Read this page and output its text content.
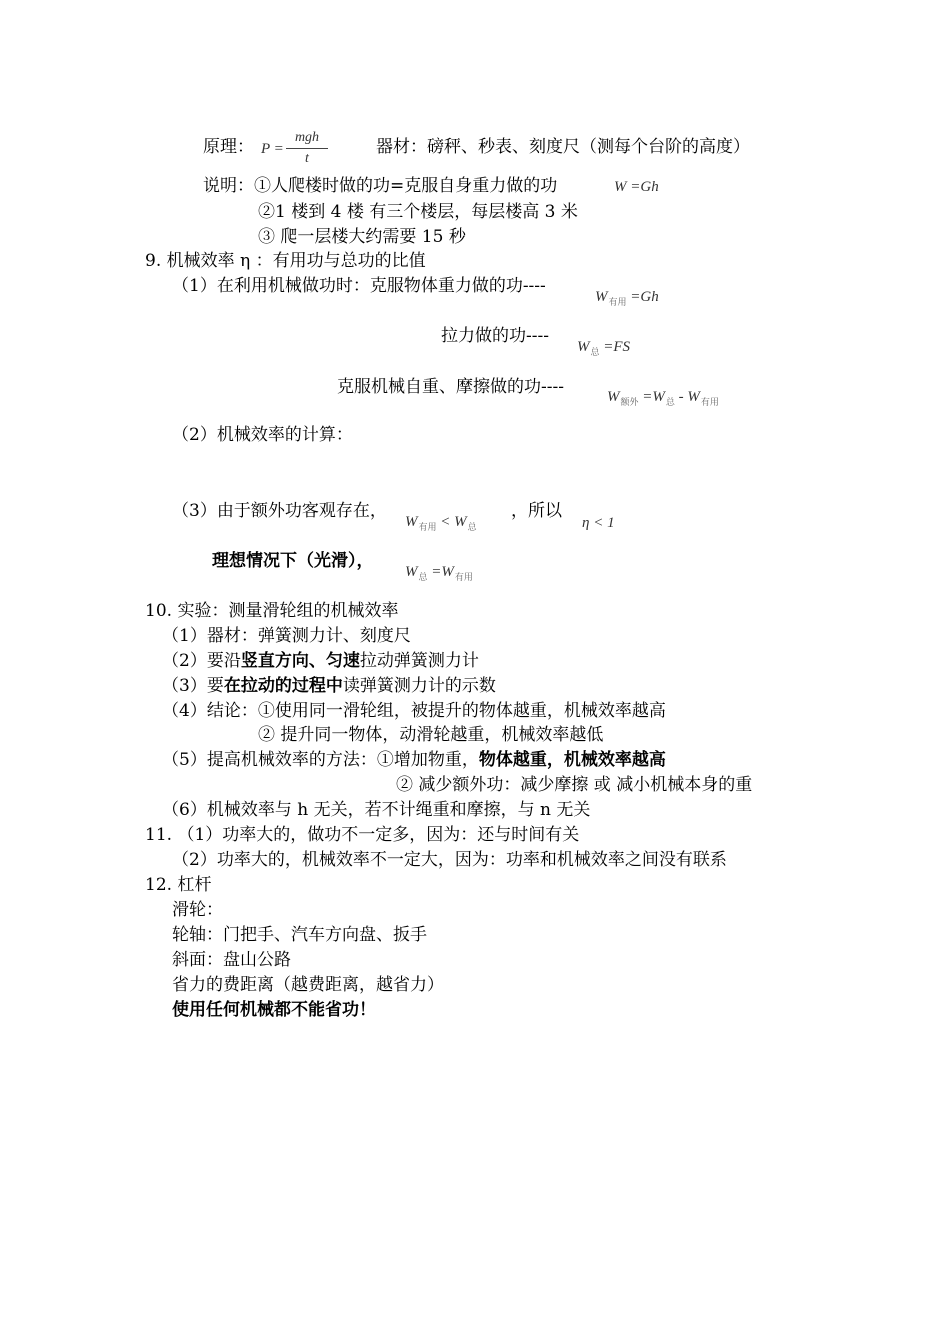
原理： P =
mgh
t
器材：磅秤、秒表、刻度尺（测每个台阶的高度）
说明：①人爬楼时做的功=克服自身重力做的功	W =Gh
②1 楼到 4 楼 有三个楼层，每层楼高 3 米
③ 爬一层楼大约需要 15 秒
9. 机械效率 η ：有用功与总功的比值
（1）在利用机械做功时：克服物体重力做的功----
$W_{有用} =Gh$
拉力做的功----
$W_总 =FS$
克服机械自重、摩擦做的功----	$W_{额外} =W_总 - W_{有用}$
（2）机械效率的计算：
（3）由于额外功客观存在，
$W_{有用} < W_总$
，所以
η < 1
理想情况下（光滑），
$W_总 =W_{有用}$
10. 实验：测量滑轮组的机械效率
（1）器材：弹簧测力计、刻度尺
（2）要沿竖直方向、匀速拉动弹簧测力计
（3）要在拉动的过程中读弹簧测力计的示数
（4）结论：①使用同一滑轮组，被提升的物体越重，机械效率越高
② 提升同一物体，动滑轮越重，机械效率越低
（5）提高机械效率的方法：①增加物重，物体越重，机械效率越高
② 减少额外功：减少摩擦 或 减小机械本身的重
（6）机械效率与 h 无关，若不计绳重和摩擦，与 n 无关
11. （1）功率大的，做功不一定多，因为：还与时间有关
（2）功率大的，机械效率不一定大，因为：功率和机械效率之间没有联系
12. 杠杆
滑轮：
轮轴：门把手、汽车方向盘、扳手
斜面：盘山公路
省力的费距离（越费距离，越省力）
使用任何机械都不能省功！
